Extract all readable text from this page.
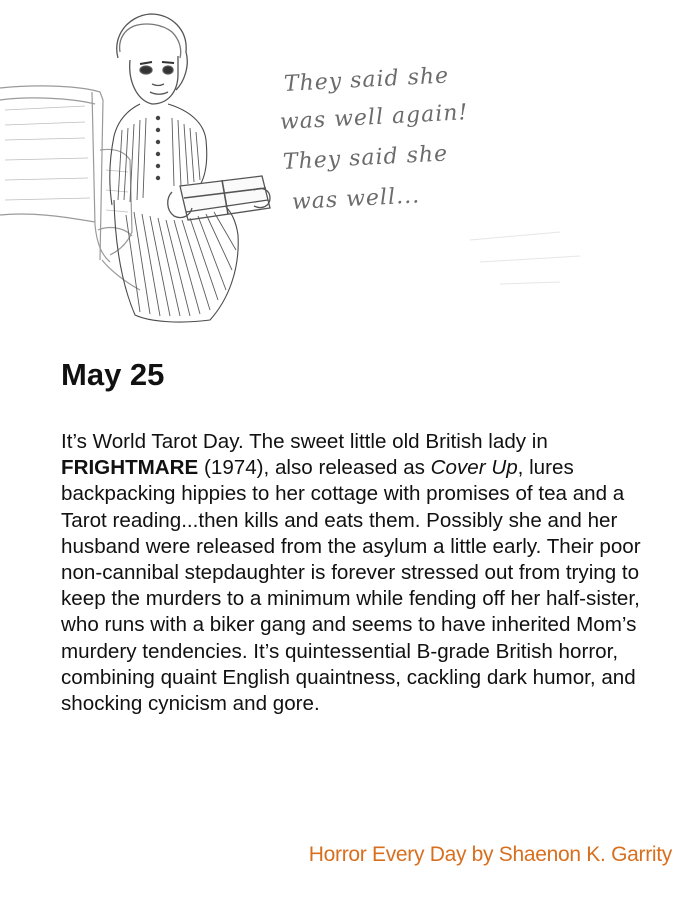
They said she
was well again!
They said she
was well...
May 25

It’s World Tarot Day. The sweet little old British lady in FRIGHTMARE (1974), also released as Cover Up, lures backpacking hippies to her cottage with promises of tea and a Tarot reading...then kills and eats them. Possibly she and her husband were released from the asylum a little early. Their poor non-cannibal stepdaughter is forever stressed out from trying to keep the murders to a minimum while fending off her half-sister, who runs with a biker gang and seems to have inherited Mom’s murdery tendencies. It’s quintessential B-grade British horror, combining quaint English quaintness, cackling dark humor, and shocking cynicism and gore.

Horror Every Day by Shaenon K. Garrity
